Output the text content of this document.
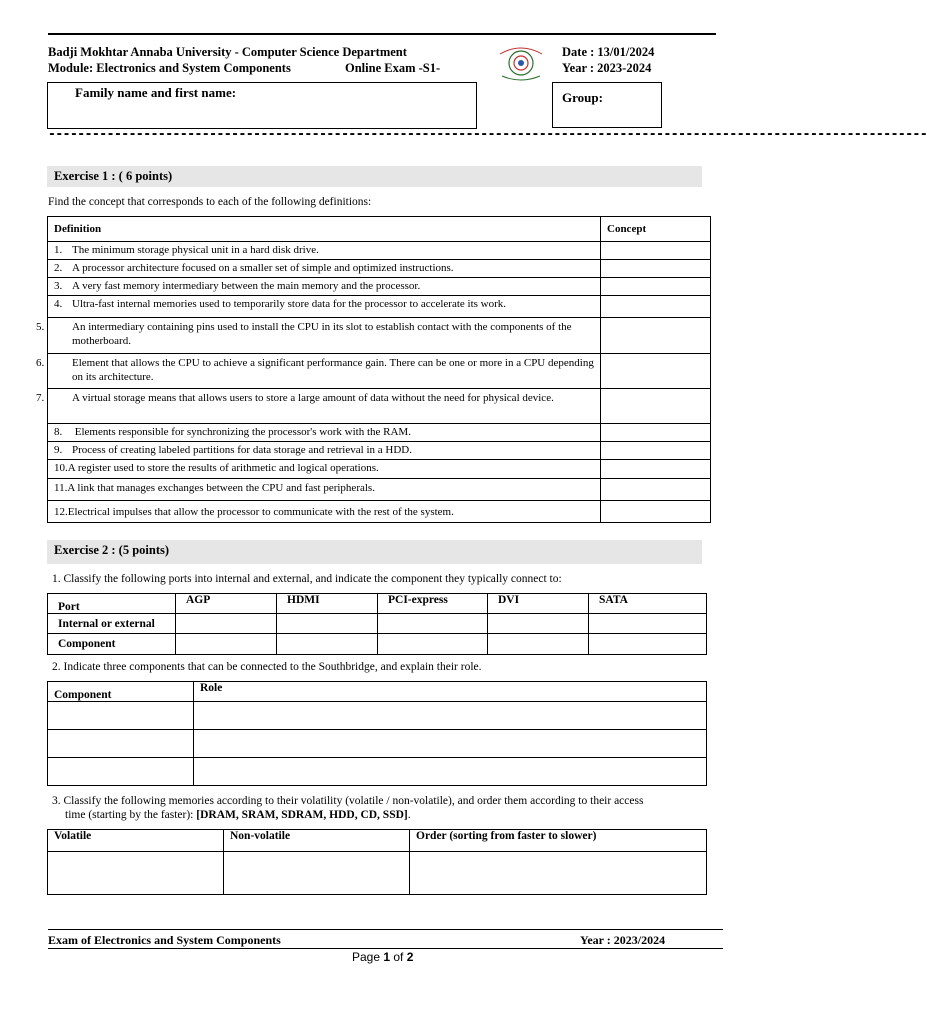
Badji Mokhtar Annaba University - Computer Science Department
Module: Electronics and System Components	Online Exam -S1-
Date : 13/01/2024
Year : 2023-2024
Family name and first name:	Group:
------------------------------------------------------------------------------------------------------------------------
Exercise 1 : ( 6 points)
Find the concept that corresponds to each of the following definitions:
Definition	Concept
1. The minimum storage physical unit in a hard disk drive.	
2. A processor architecture focused on a smaller set of simple and optimized instructions.	
3. A very fast memory intermediary between the main memory and the processor.	
4. Ultra-fast internal memories used to temporarily store data for the processor to accelerate its work.	

5. An intermediary containing pins used to install the CPU in its slot to establish contact with the components of the motherboard.	

6. Element that allows the CPU to achieve a significant performance gain. There can be one or more in a CPU depending on its architecture.	

7. A virtual storage means that allows users to store a large amount of data without the need for physical device.	

8. Elements responsible for synchronizing the processor's work with the RAM.	
9. Process of creating labeled partitions for data storage and retrieval in a HDD.	
10.A register used to store the results of arithmetic and logical operations.	
11.A link that manages exchanges between the CPU and fast peripherals.	
12.Electrical impulses that allow the processor to communicate with the rest of the system.	
Exercise 2 : (5 points)
1. Classify the following ports into internal and external, and indicate the component they typically connect to:
Port	AGP	HDMI	PCI-express	DVI	SATA
Internal or external					
Component					
2. Indicate three components that can be connected to the Southbridge, and explain their role.
Component	Role

3. Classify the following memories according to their volatility (volatile / non-volatile), and order them according to their access
time (starting by the faster): [DRAM, SRAM, SDRAM, HDD, CD, SSD].
Volatile	Non-volatile	Order (sorting from faster to slower)

Exam of Electronics and System Components	Year : 2023/2024
Page 1 of 2
